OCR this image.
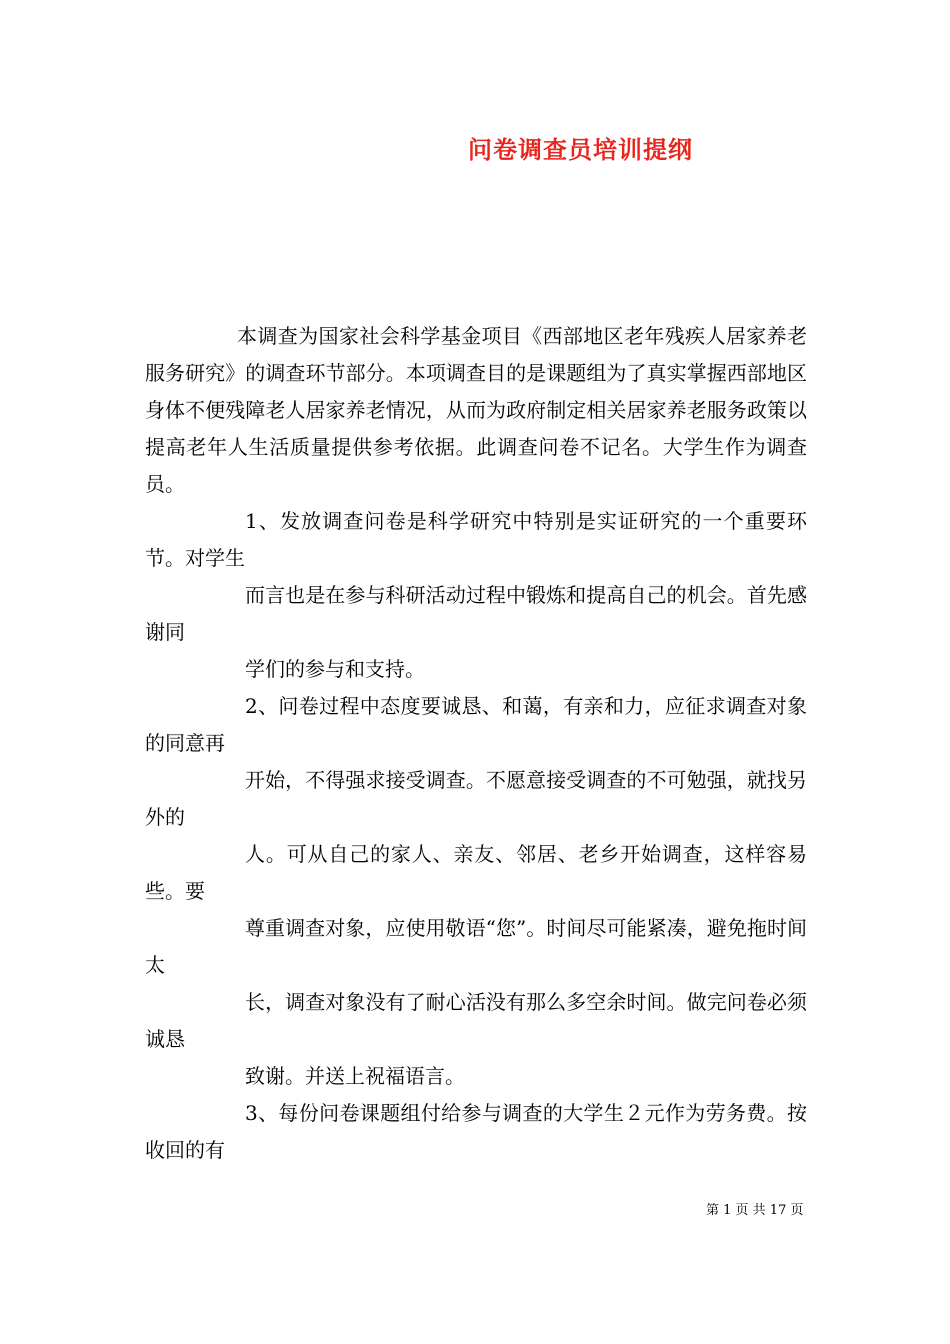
问卷调查员培训提纲

本调查为国家社会科学基金项目《西部地区老年残疾人居家养老服务研究》的调查环节部分。本项调查目的是课题组为了真实掌握西部地区身体不便残障老人居家养老情况，从而为政府制定相关居家养老服务政策以提高老年人生活质量提供参考依据。此调查问卷不记名。大学生作为调查员。

1、发放调查问卷是科学研究中特别是实证研究的一个重要环节。对学生

而言也是在参与科研活动过程中锻炼和提高自己的机会。首先感谢同

学们的参与和支持。

2、问卷过程中态度要诚恳、和蔼，有亲和力，应征求调查对象的同意再

开始，不得强求接受调查。不愿意接受调查的不可勉强，就找另外的

人。可从自己的家人、亲友、邻居、老乡开始调查，这样容易些。要

尊重调查对象，应使用敬语“您”。时间尽可能紧凑，避免拖时间太

长，调查对象没有了耐心活没有那么多空余时间。做完问卷必须诚恳

致谢。并送上祝福语言。

3、每份问卷课题组付给参与调查的大学生２元作为劳务费。按收回的有

第 1 页 共 17 页
